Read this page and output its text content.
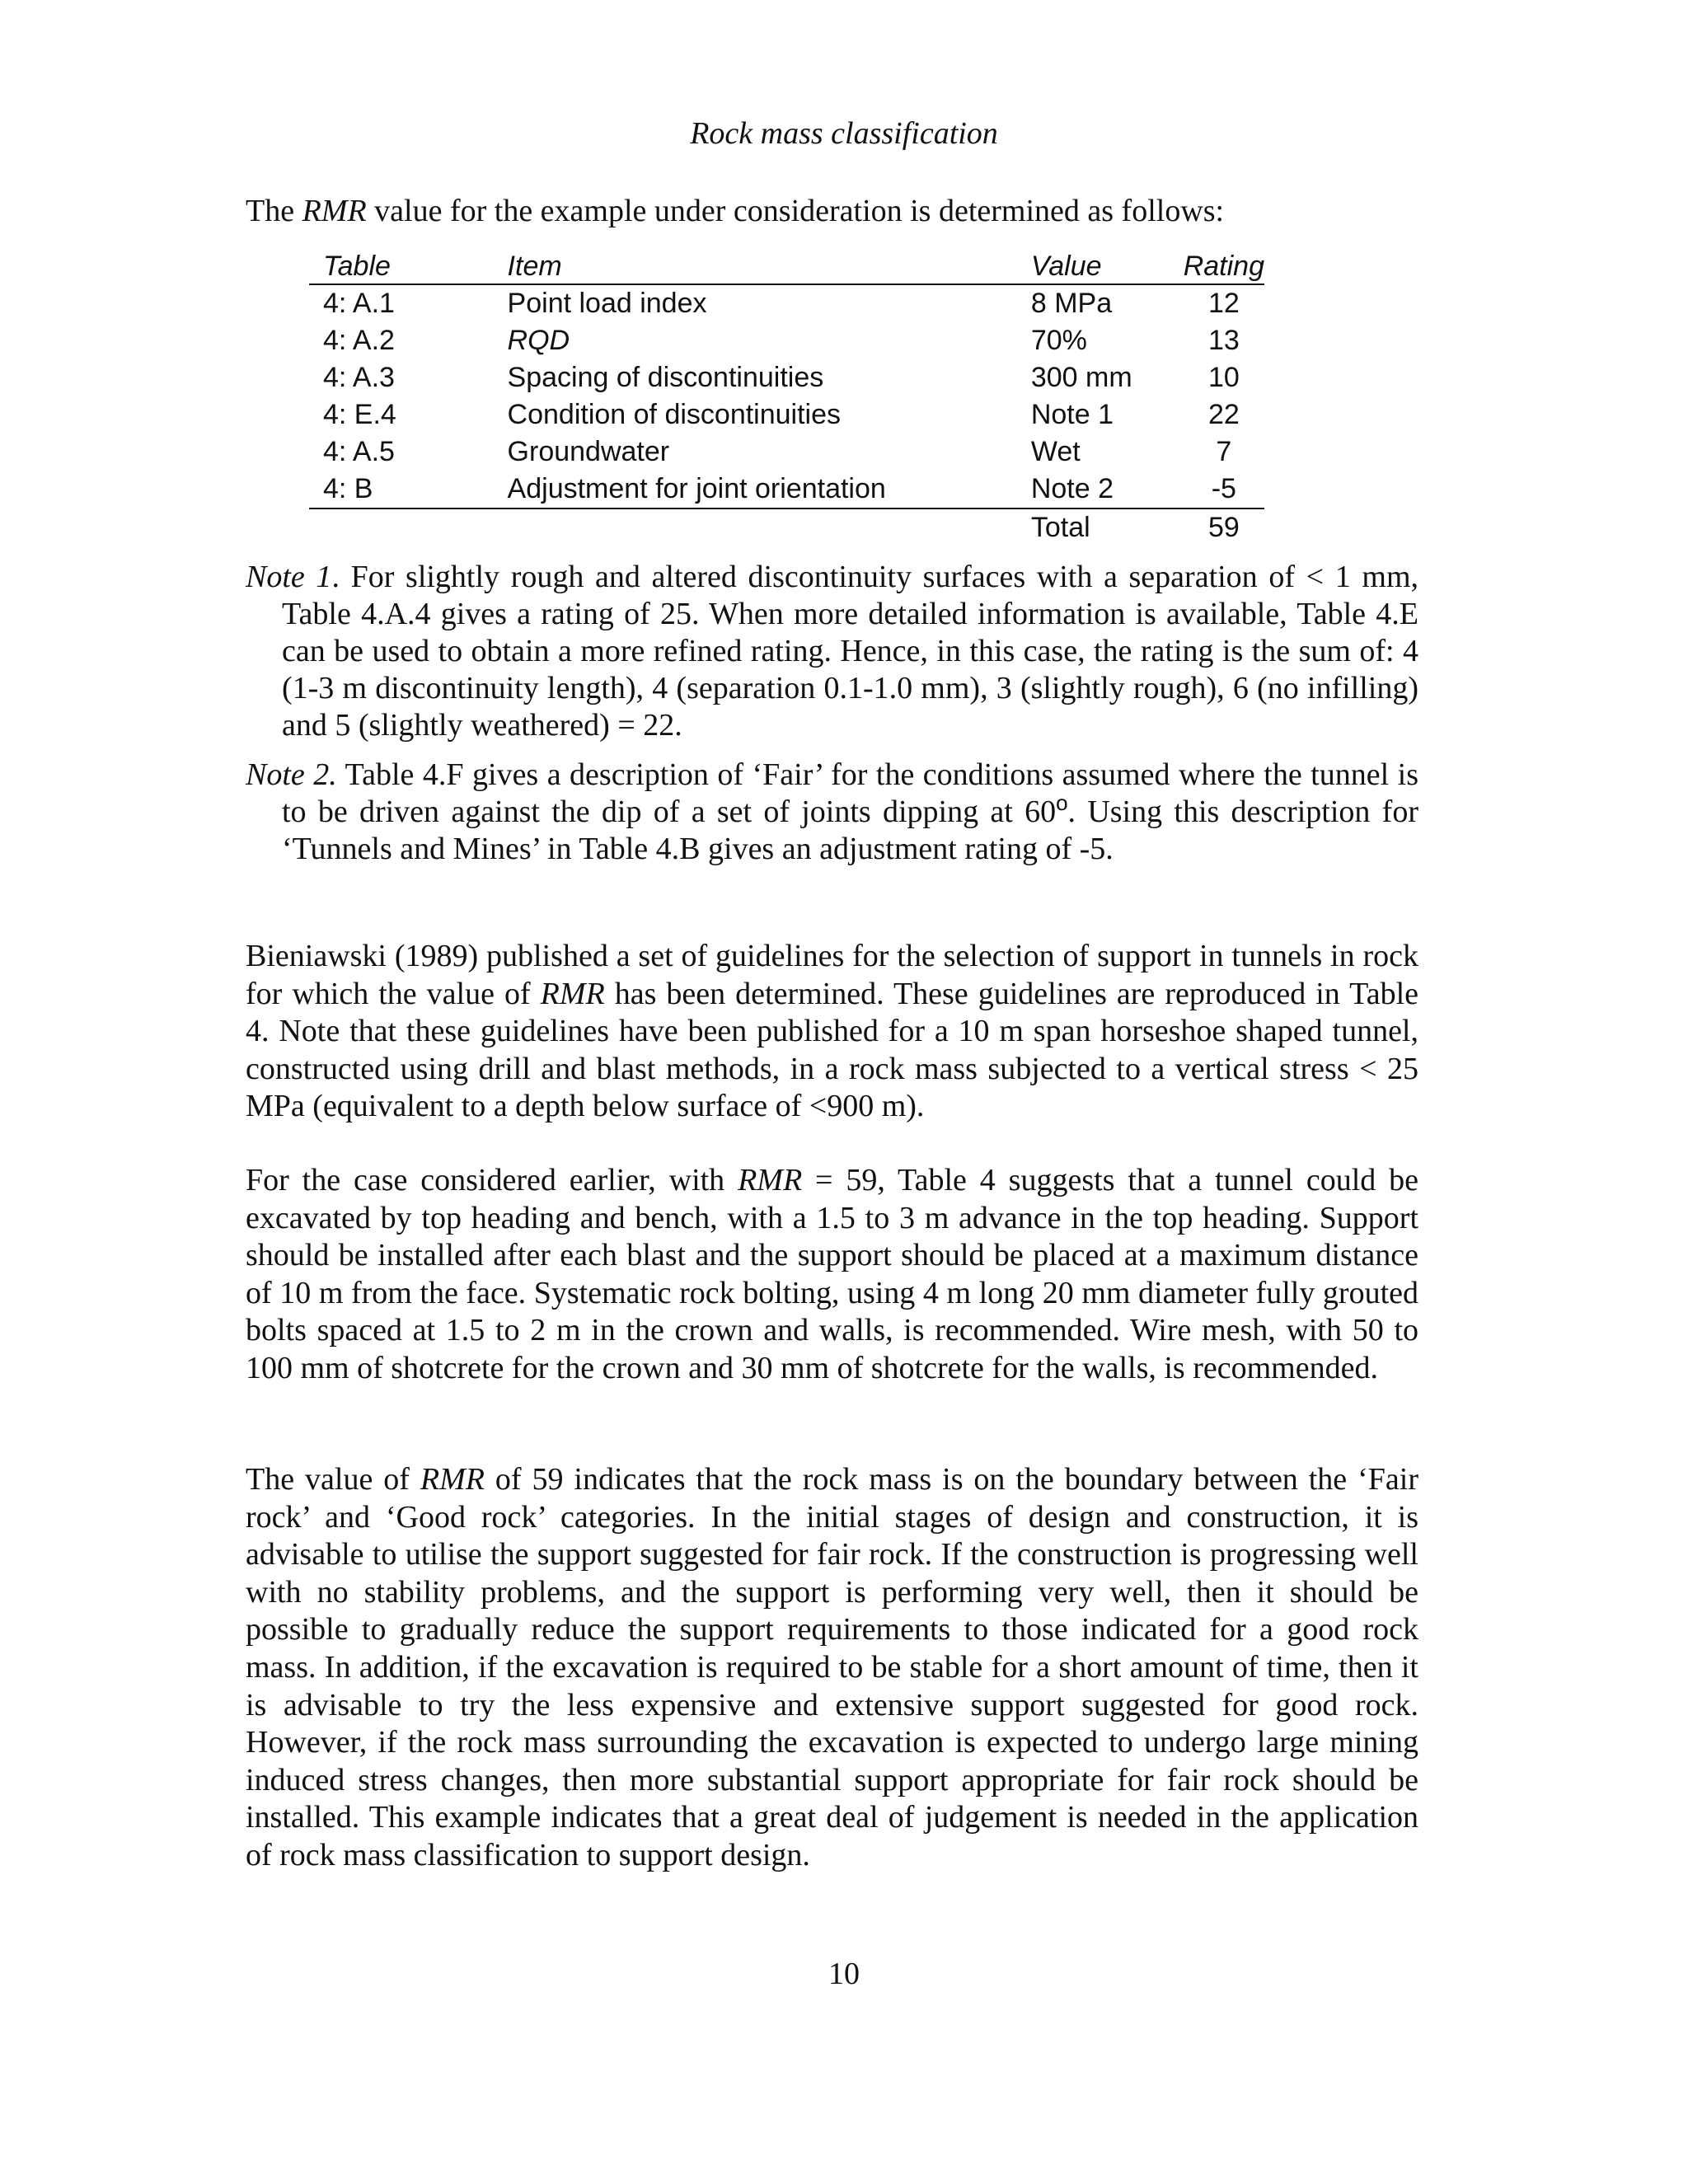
Rock mass classification
The RMR value for the example under consideration is determined as follows:
Table	Item	Value	Rating
4: A.1	Point load index	8 MPa	12
4: A.2	RQD	70%	13
4: A.3	Spacing of discontinuities	300 mm	10
4: E.4	Condition of discontinuities	Note 1	22
4: A.5	Groundwater	Wet	7
4: B	Adjustment for joint orientation	Note 2	-5
		Total	59
Note 1. For slightly rough and altered discontinuity surfaces with a separation of < 1 mm, Table 4.A.4 gives a rating of 25. When more detailed information is available, Table 4.E can be used to obtain a more refined rating. Hence, in this case, the rating is the sum of: 4 (1-3 m discontinuity length), 4 (separation 0.1-1.0 mm), 3 (slightly rough), 6 (no infilling) and 5 (slightly weathered) = 22.
Note 2. Table 4.F gives a description of ‘Fair’ for the conditions assumed where the tunnel is to be driven against the dip of a set of joints dipping at 60$^o$. Using this description for ‘Tunnels and Mines’ in Table 4.B gives an adjustment rating of -5.
Bieniawski (1989) published a set of guidelines for the selection of support in tunnels in rock for which the value of RMR has been determined. These guidelines are reproduced in Table 4. Note that these guidelines have been published for a 10 m span horseshoe shaped tunnel, constructed using drill and blast methods, in a rock mass subjected to a vertical stress < 25 MPa (equivalent to a depth below surface of <900 m).
For the case considered earlier, with RMR = 59, Table 4 suggests that a tunnel could be excavated by top heading and bench, with a 1.5 to 3 m advance in the top heading. Support should be installed after each blast and the support should be placed at a maximum distance of 10 m from the face. Systematic rock bolting, using 4 m long 20 mm diameter fully grouted bolts spaced at 1.5 to 2 m in the crown and walls, is recommended. Wire mesh, with 50 to 100 mm of shotcrete for the crown and 30 mm of shotcrete for the walls, is recommended.
The value of RMR of 59 indicates that the rock mass is on the boundary between the ‘Fair rock’ and ‘Good rock’ categories. In the initial stages of design and construction, it is advisable to utilise the support suggested for fair rock. If the construction is progressing well with no stability problems, and the support is performing very well, then it should be possible to gradually reduce the support requirements to those indicated for a good rock mass. In addition, if the excavation is required to be stable for a short amount of time, then it is advisable to try the less expensive and extensive support suggested for good rock. However, if the rock mass surrounding the excavation is expected to undergo large mining induced stress changes, then more substantial support appropriate for fair rock should be installed. This example indicates that a great deal of judgement is needed in the application of rock mass classification to support design.
10
